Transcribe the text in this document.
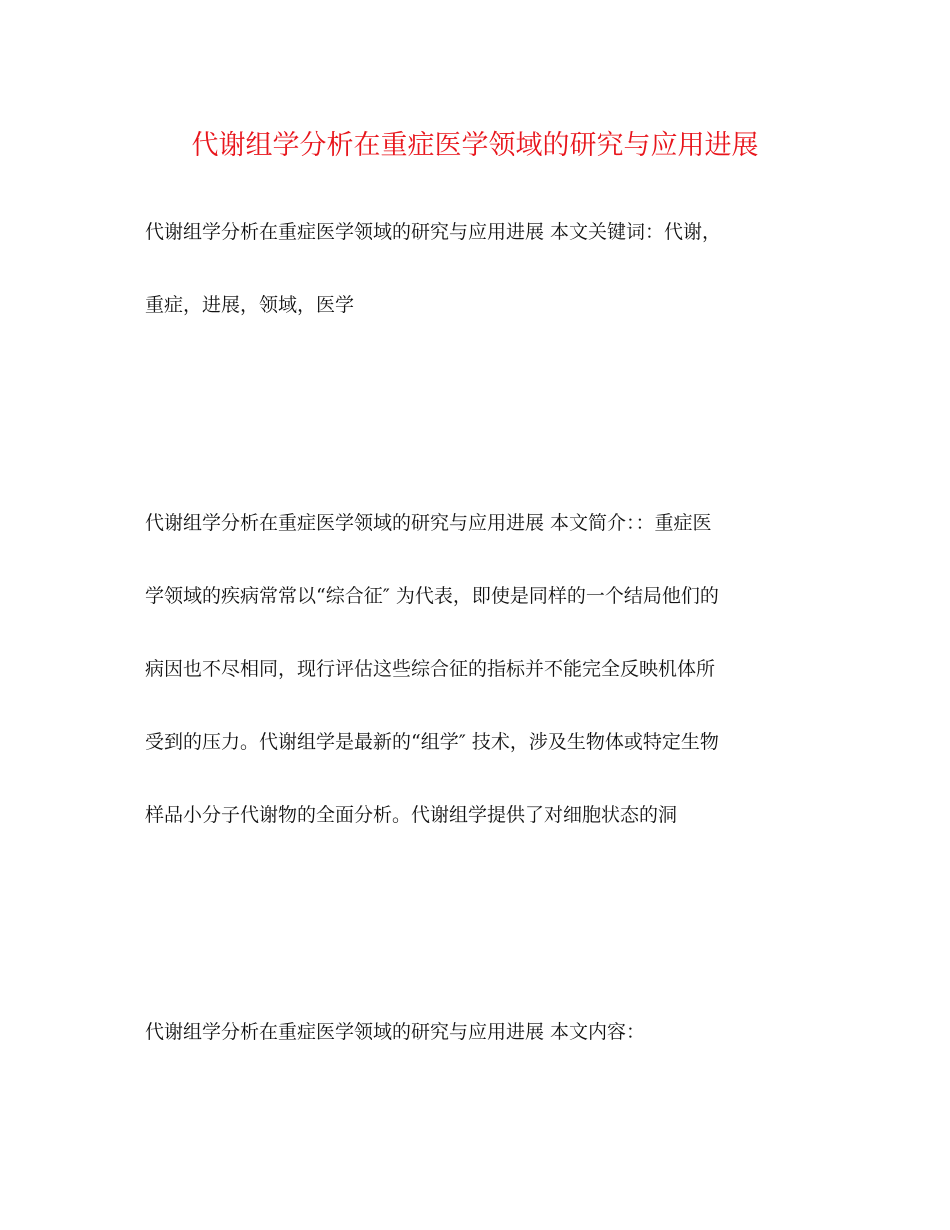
代谢组学分析在重症医学领域的研究与应用进展
代谢组学分析在重症医学领域的研究与应用进展 本文关键词：代谢，
重症，进展，领域，医学
代谢组学分析在重症医学领域的研究与应用进展 本文简介：：重症医
学领域的疾病常常以“综合征″ 为代表，即使是同样的一个结局他们的
病因也不尽相同，现行评估这些综合征的指标并不能完全反映机体所
受到的压力。代谢组学是最新的“组学″ 技术，涉及生物体或特定生物
样品小分子代谢物的全面分析。代谢组学提供了对细胞状态的洞
代谢组学分析在重症医学领域的研究与应用进展 本文内容：
